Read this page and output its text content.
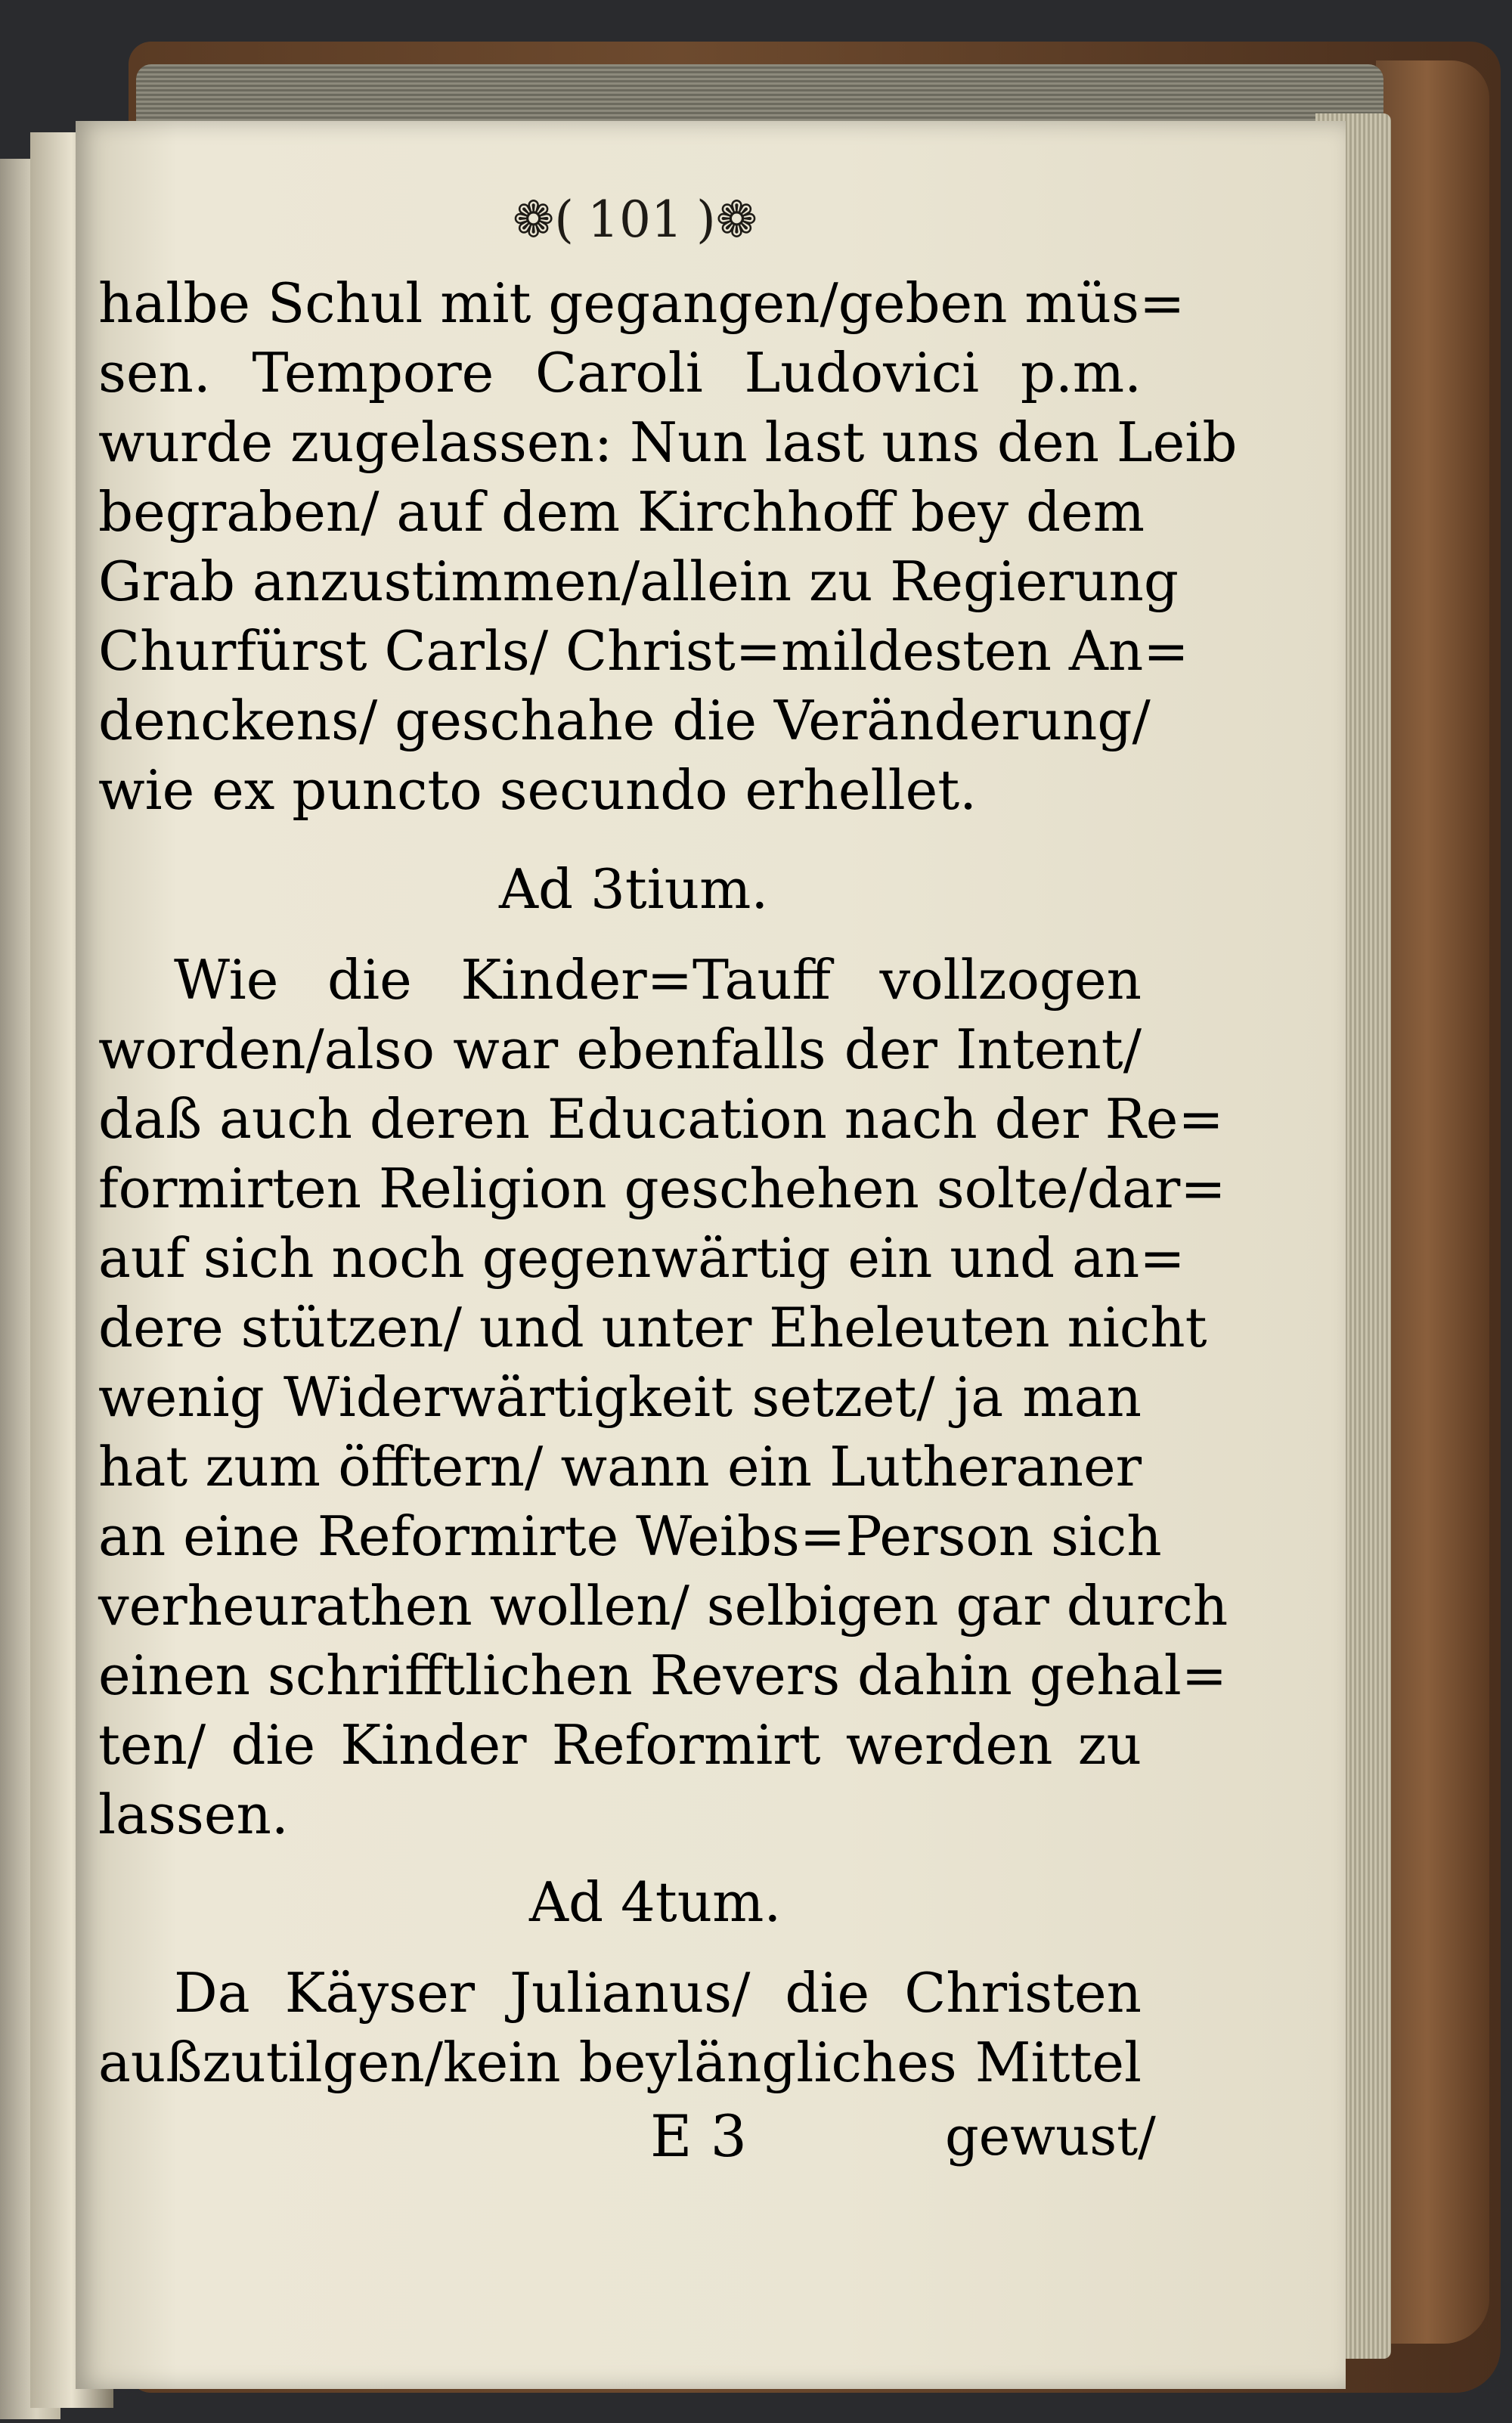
❁( 101 )❁
halbe Schul mit gegangen/geben müs=
sen. Tempore Caroli Ludovici p.m.
wurde zugelassen: Nun last uns den Leib
begraben/ auf dem Kirchhoff bey dem
Grab anzustimmen/allein zu Regierung
Churfürst Carls/ Christ=mildesten An=
denckens/ geschahe die Veränderung/
wie ex puncto secundo erhellet.
Ad 3tium.
Wie die Kinder=Tauff vollzogen
worden/also war ebenfalls der Intent/
daß auch deren Education nach der Re=
formirten Religion geschehen solte/dar=
auf sich noch gegenwärtig ein und an=
dere stützen/ und unter Eheleuten nicht
wenig Widerwärtigkeit setzet/ ja man
hat zum öfftern/ wann ein Lutheraner
an eine Reformirte Weibs=Person sich
verheurathen wollen/ selbigen gar durch
einen schrifftlichen Revers dahin gehal=
ten/ die Kinder Reformirt werden zu
lassen.
Ad 4tum.
Da Käyser Julianus/ die Christen
außzutilgen/kein beylängliches Mittel
E 3	gewust/
